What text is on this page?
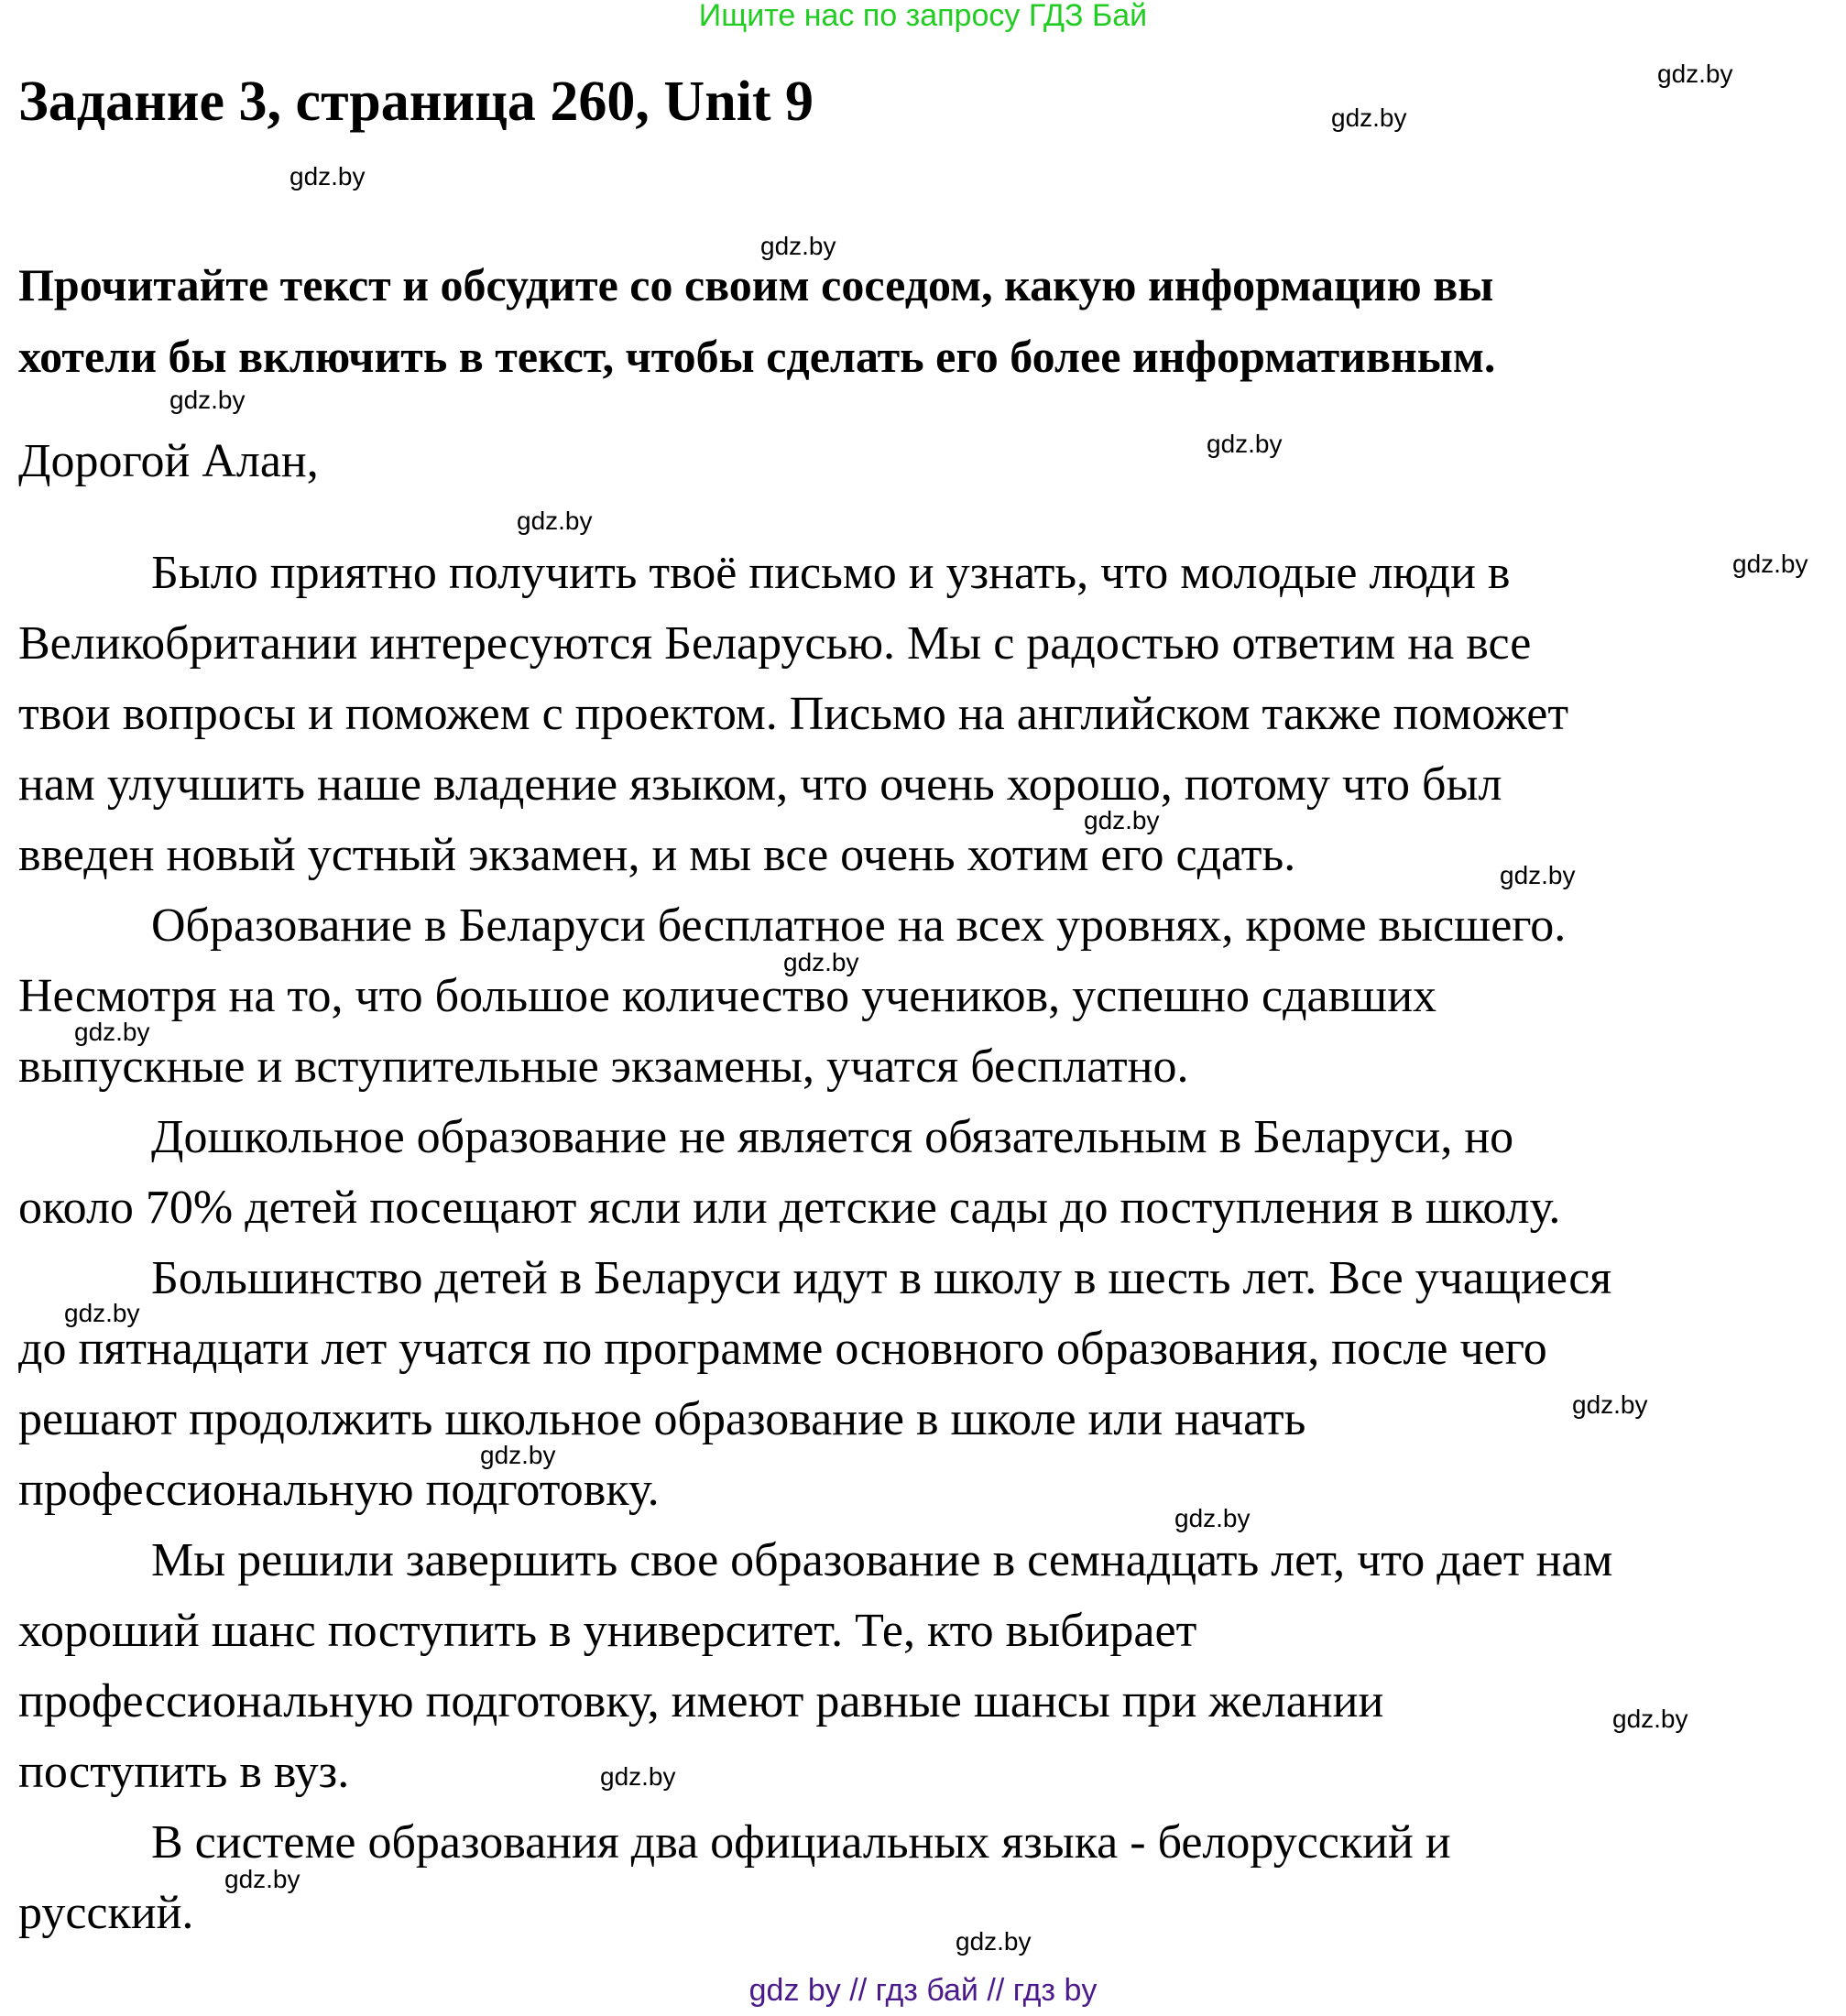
Ищите нас по запросу ГДЗ Бай
Задание 3, страница 260, Unit 9
Прочитайте текст и обсудите со своим соседом, какую информацию вы
хотели бы включить в текст, чтобы сделать его более информативным.
Дорогой Алан,
Было приятно получить твоё письмо и узнать, что молодые люди в
Великобритании интересуются Беларусью. Мы с радостью ответим на все
твои вопросы и поможем с проектом. Письмо на английском также поможет
нам улучшить наше владение языком, что очень хорошо, потому что был
введен новый устный экзамен, и мы все очень хотим его сдать.
Образование в Беларуси бесплатное на всех уровнях, кроме высшего.
Несмотря на то, что большое количество учеников, успешно сдавших
выпускные и вступительные экзамены, учатся бесплатно.
Дошкольное образование не является обязательным в Беларуси, но
около 70% детей посещают ясли или детские сады до поступления в школу.
Большинство детей в Беларуси идут в школу в шесть лет. Все учащиеся
до пятнадцати лет учатся по программе основного образования, после чего
решают продолжить школьное образование в школе или начать
профессиональную подготовку.
Мы решили завершить свое образование в семнадцать лет, что дает нам
хороший шанс поступить в университет. Те, кто выбирает
профессиональную подготовку, имеют равные шансы при желании
поступить в вуз.
В системе образования два официальных языка - белорусский и
русский.
gdz.by
gdz.by
gdz.by
gdz.by
gdz.by
gdz.by
gdz.by
gdz.by
gdz.by
gdz.by
gdz.by
gdz.by
gdz.by
gdz.by
gdz.by
gdz.by
gdz.by
gdz.by
gdz.by
gdz.by
gdz by // гдз бай // гдз by
